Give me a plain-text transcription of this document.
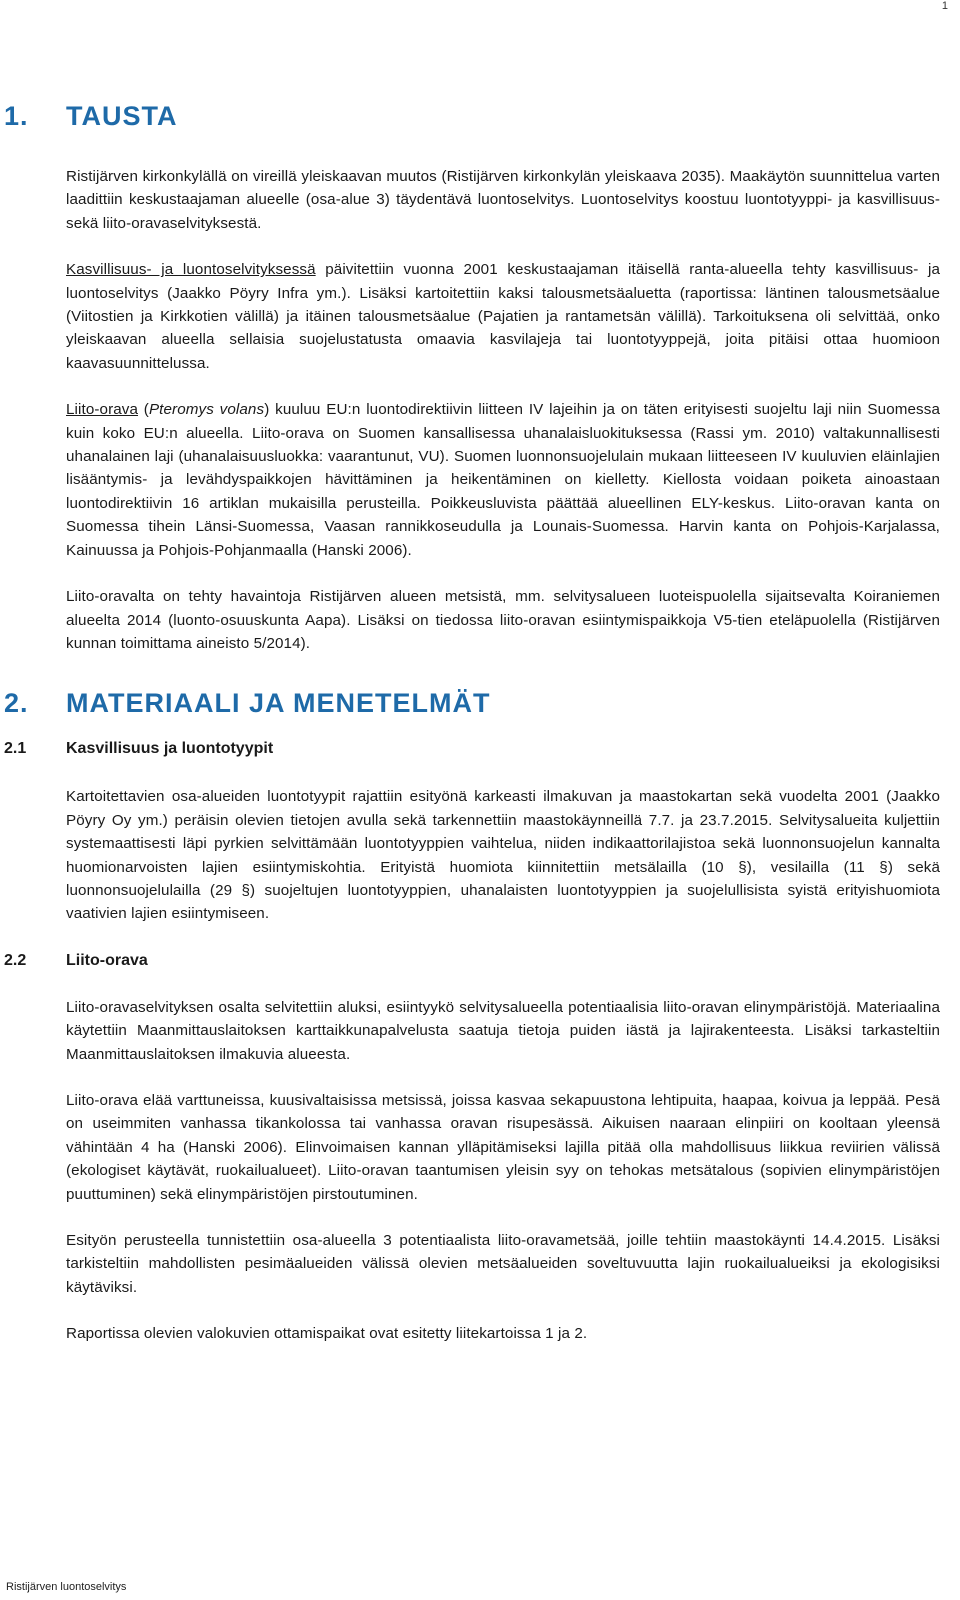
1
1. TAUSTA

Ristijärven kirkonkylällä on vireillä yleiskaavan muutos (Ristijärven kirkonkylän yleiskaava 2035). Maakäytön suunnittelua varten laadittiin keskustaajaman alueelle (osa-alue 3) täydentävä luontoselvitys. Luontoselvitys koostuu luontotyyppi- ja kasvillisuus- sekä liito-oravaselvityksestä.

Kasvillisuus- ja luontoselvityksessä päivitettiin vuonna 2001 keskustaajaman itäisellä ranta-alueella tehty kasvillisuus- ja luontoselvitys (Jaakko Pöyry Infra ym.). Lisäksi kartoitettiin kaksi talousmetsäaluetta (raportissa: läntinen talousmetsäalue (Viitostien ja Kirkkotien välillä) ja itäinen talousmetsäalue (Pajatien ja rantametsän välillä). Tarkoituksena oli selvittää, onko yleiskaavan alueella sellaisia suojelustatusta omaavia kasvilajeja tai luontotyyppejä, joita pitäisi ottaa huomioon kaavasuunnittelussa.

Liito-orava (Pteromys volans) kuuluu EU:n luontodirektiivin liitteen IV lajeihin ja on täten erityisesti suojeltu laji niin Suomessa kuin koko EU:n alueella. Liito-orava on Suomen kansallisessa uhanalaisluokituksessa (Rassi ym. 2010) valtakunnallisesti uhanalainen laji (uhanalaisuusluokka: vaarantunut, VU). Suomen luonnonsuojelulain mukaan liitteeseen IV kuuluvien eläinlajien lisääntymis- ja levähdyspaikkojen hävittäminen ja heikentäminen on kielletty. Kiellosta voidaan poiketa ainoastaan luontodirektiivin 16 artiklan mukaisilla perusteilla. Poikkeusluvista päättää alueellinen ELY-keskus. Liito-oravan kanta on Suomessa tihein Länsi-Suomessa, Vaasan rannikkoseudulla ja Lounais-Suomessa. Harvin kanta on Pohjois-Karjalassa, Kainuussa ja Pohjois-Pohjanmaalla (Hanski 2006).

Liito-oravalta on tehty havaintoja Ristijärven alueen metsistä, mm. selvitysalueen luoteispuolella sijaitsevalta Koiraniemen alueelta 2014 (luonto-osuuskunta Aapa). Lisäksi on tiedossa liito-oravan esiintymispaikkoja V5-tien eteläpuolella (Ristijärven kunnan toimittama aineisto 5/2014).

2. MATERIAALI JA MENETELMÄT
2.1 Kasvillisuus ja luontotyypit

Kartoitettavien osa-alueiden luontotyypit rajattiin esityönä karkeasti ilmakuvan ja maastokartan sekä vuodelta 2001 (Jaakko Pöyry Oy ym.) peräisin olevien tietojen avulla sekä tarkennettiin maastokäynneillä 7.7. ja 23.7.2015. Selvitysalueita kuljettiin systemaattisesti läpi pyrkien selvittämään luontotyyppien vaihtelua, niiden indikaattorilajistoa sekä luonnonsuojelun kannalta huomionarvoisten lajien esiintymiskohtia. Erityistä huomiota kiinnitettiin metsälailla (10 §), vesilailla (11 §) sekä luonnonsuojelulailla (29 §) suojeltujen luontotyyppien, uhanalaisten luontotyyppien ja suojelullisista syistä erityishuomiota vaativien lajien esiintymiseen.

2.2 Liito-orava

Liito-oravaselvityksen osalta selvitettiin aluksi, esiintyykö selvitysalueella potentiaalisia liito-oravan elinympäristöjä. Materiaalina käytettiin Maanmittauslaitoksen karttaikkunapalvelusta saatuja tietoja puiden iästä ja lajirakenteesta. Lisäksi tarkasteltiin Maanmittauslaitoksen ilmakuvia alueesta.

Liito-orava elää varttuneissa, kuusivaltaisissa metsissä, joissa kasvaa sekapuustona lehtipuita, haapaa, koivua ja leppää. Pesä on useimmiten vanhassa tikankolossa tai vanhassa oravan risupesässä. Aikuisen naaraan elinpiiri on kooltaan yleensä vähintään 4 ha (Hanski 2006). Elinvoimaisen kannan ylläpitämiseksi lajilla pitää olla mahdollisuus liikkua reviirien välissä (ekologiset käytävät, ruokailualueet). Liito-oravan taantumisen yleisin syy on tehokas metsätalous (sopivien elinympäristöjen puuttuminen) sekä elinympäristöjen pirstoutuminen.

Esityön perusteella tunnistettiin osa-alueella 3 potentiaalista liito-oravametsää, joille tehtiin maastokäynti 14.4.2015. Lisäksi tarkisteltiin mahdollisten pesimäalueiden välissä olevien metsäalueiden soveltuvuutta lajin ruokailualueiksi ja ekologisiksi käytäviksi.

Raportissa olevien valokuvien ottamispaikat ovat esitetty liitekartoissa 1 ja 2.

Ristijärven luontoselvitys
